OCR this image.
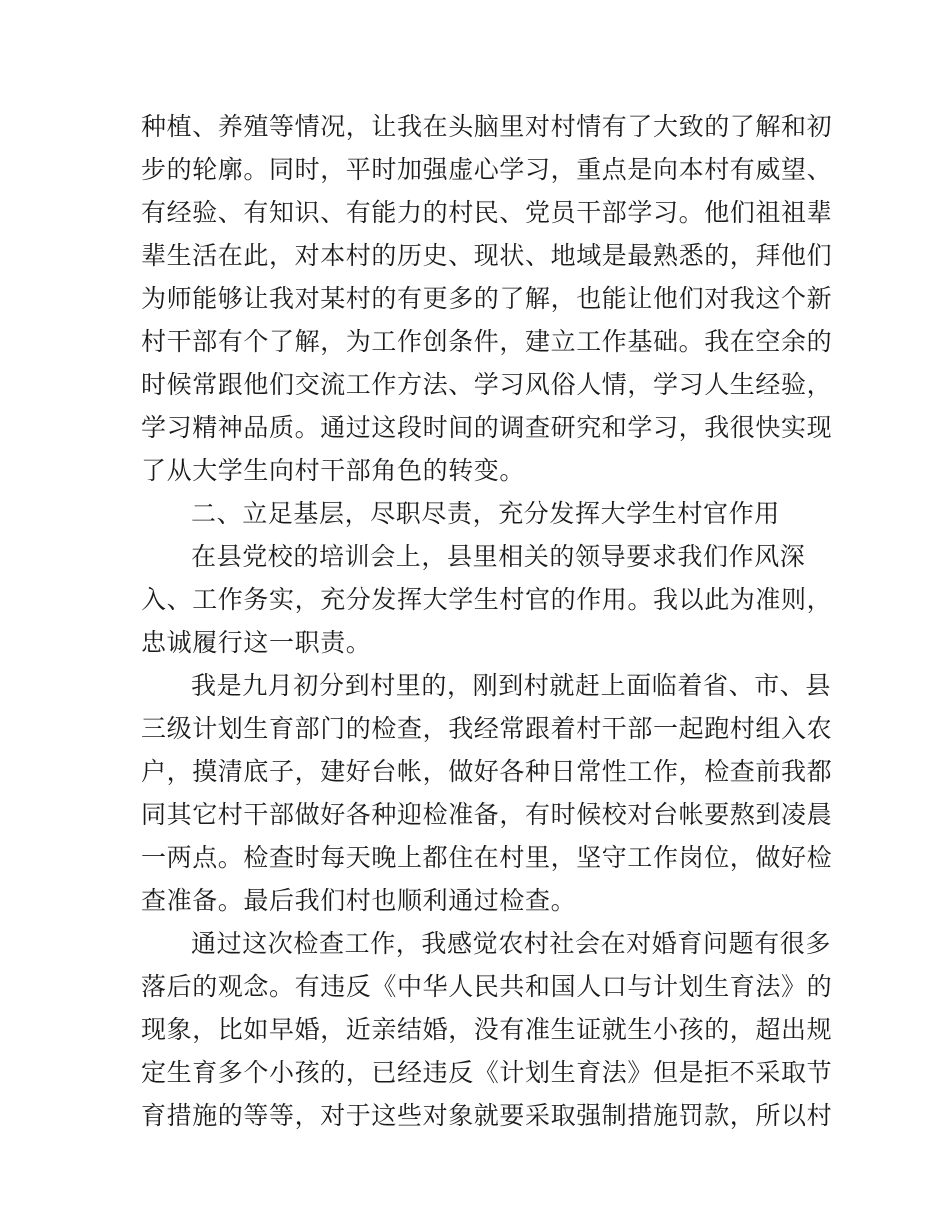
种植、养殖等情况，让我在头脑里对村情有了大致的了解和初
步的轮廓。同时，平时加强虚心学习，重点是向本村有威望、
有经验、有知识、有能力的村民、党员干部学习。他们祖祖辈
辈生活在此，对本村的历史、现状、地域是最熟悉的，拜他们
为师能够让我对某村的有更多的了解，也能让他们对我这个新
村干部有个了解，为工作创条件，建立工作基础。我在空余的
时候常跟他们交流工作方法、学习风俗人情，学习人生经验，
学习精神品质。通过这段时间的调查研究和学习，我很快实现
了从大学生向村干部角色的转变。
二、立足基层，尽职尽责，充分发挥大学生村官作用
在县党校的培训会上，县里相关的领导要求我们作风深
入、工作务实，充分发挥大学生村官的作用。我以此为准则，
忠诚履行这一职责。
我是九月初分到村里的，刚到村就赶上面临着省、市、县
三级计划生育部门的检查，我经常跟着村干部一起跑村组入农
户，摸清底子，建好台帐，做好各种日常性工作，检查前我都
同其它村干部做好各种迎检准备，有时候校对台帐要熬到凌晨
一两点。检查时每天晚上都住在村里，坚守工作岗位，做好检
查准备。最后我们村也顺利通过检查。
通过这次检查工作，我感觉农村社会在对婚育问题有很多
落后的观念。有违反《中华人民共和国人口与计划生育法》的
现象，比如早婚，近亲结婚，没有准生证就生小孩的，超出规
定生育多个小孩的，已经违反《计划生育法》但是拒不采取节
育措施的等等，对于这些对象就要采取强制措施罚款，所以村
